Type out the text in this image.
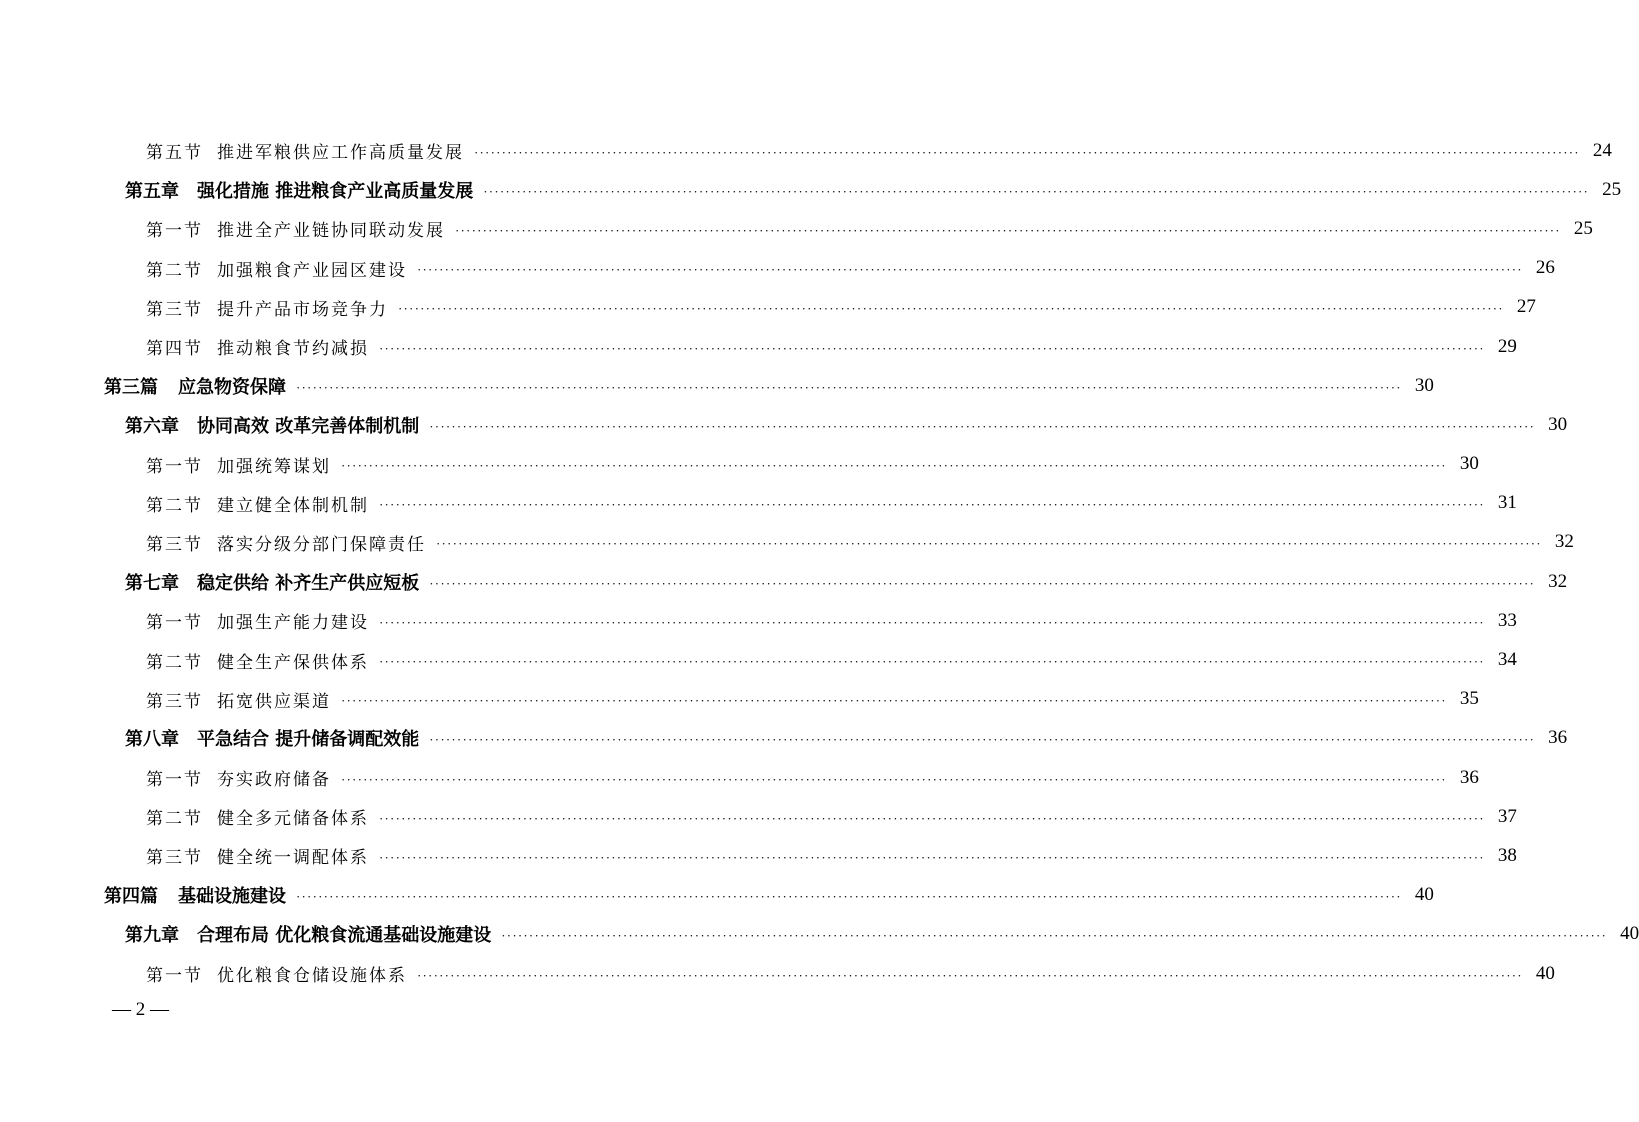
第五节 推进军粮供应工作高质量发展 ········································································································································································································ 24
第五章 强化措施 推进粮食产业高质量发展 ········································································································································································································ 25
第一节 推进全产业链协同联动发展 ········································································································································································································ 25
第二节 加强粮食产业园区建设 ········································································································································································································ 26
第三节 提升产品市场竞争力 ········································································································································································································ 27
第四节 推动粮食节约减损 ········································································································································································································ 29
第三篇 应急物资保障 ········································································································································································································ 30
第六章 协同高效 改革完善体制机制 ········································································································································································································ 30
第一节 加强统筹谋划 ········································································································································································································ 30
第二节 建立健全体制机制 ········································································································································································································ 31
第三节 落实分级分部门保障责任 ········································································································································································································ 32
第七章 稳定供给 补齐生产供应短板 ········································································································································································································ 32
第一节 加强生产能力建设 ········································································································································································································ 33
第二节 健全生产保供体系 ········································································································································································································ 34
第三节 拓宽供应渠道 ········································································································································································································ 35
第八章 平急结合 提升储备调配效能 ········································································································································································································ 36
第一节 夯实政府储备 ········································································································································································································ 36
第二节 健全多元储备体系 ········································································································································································································ 37
第三节 健全统一调配体系 ········································································································································································································ 38
第四篇 基础设施建设 ········································································································································································································ 40
第九章 合理布局 优化粮食流通基础设施建设 ········································································································································································································ 40
第一节 优化粮食仓储设施体系 ········································································································································································································ 40
— 2 —
